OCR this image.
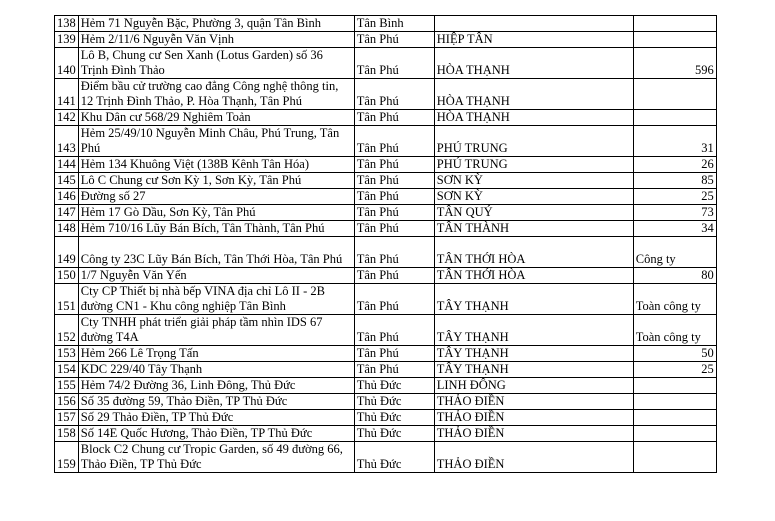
138	Hẻm 71 Nguyễn Bặc, Phường 3, quận Tân Bình	Tân Bình		
139	Hẻm 2/11/6 Nguyễn Văn Vịnh	Tân Phú	HIỆP TÂN	
140	Lô B, Chung cư Sen Xanh (Lotus Garden) số 36 Trịnh Đình Thảo	Tân Phú	HÒA THẠNH	596
141	Điểm bầu cử trường cao đẳng Công nghệ thông tin, 12 Trịnh Đình Thảo, P. Hòa Thạnh, Tân Phú	Tân Phú	HÒA THẠNH	
142	Khu Dân cư 568/29 Nghiêm Toản	Tân Phú	HÒA THẠNH	
143	Hẻm 25/49/10 Nguyễn Minh Châu, Phú Trung, Tân Phú	Tân Phú	PHÚ TRUNG	31
144	Hẻm 134 Khuông Việt (138B Kênh Tân Hóa)	Tân Phú	PHÚ TRUNG	26
145	Lô C Chung cư Sơn Kỳ 1, Sơn Kỳ, Tân Phú	Tân Phú	SƠN KỲ	85
146	Đường số 27	Tân Phú	SƠN KỲ	25
147	Hẻm 17 Gò Dầu, Sơn Kỳ, Tân Phú	Tân Phú	TÂN QUÝ	73
148	Hẻm 710/16 Lũy Bán Bích, Tân Thành, Tân Phú	Tân Phú	TÂN THÀNH	34
149	Công ty 23C Lũy Bán Bích, Tân Thới Hòa, Tân Phú	Tân Phú	TÂN THỚI HÒA	Công ty
150	1/7 Nguyễn Văn Yến	Tân Phú	TÂN THỚI HÒA	80
151	Cty CP Thiết bị nhà bếp VINA địa chỉ Lô II - 2B đường CN1 - Khu công nghiệp Tân Bình	Tân Phú	TÂY THẠNH	Toàn công ty
152	Cty TNHH phát triển giải pháp tầm nhìn IDS 67 đường T4A	Tân Phú	TÂY THẠNH	Toàn công ty
153	Hẻm 266 Lê Trọng Tấn	Tân Phú	TÂY THẠNH	50
154	KDC 229/40 Tây Thạnh	Tân Phú	TÂY THẠNH	25
155	Hẻm 74/2 Đường 36, Linh Đông, Thủ Đức	Thủ Đức	LINH ĐÔNG	
156	Số 35 đường 59, Thảo Điền, TP Thủ Đức	Thủ Đức	THẢO ĐIỀN	
157	Số 29 Thảo Điền, TP Thủ Đức	Thủ Đức	THẢO ĐIỀN	
158	Số 14E Quốc Hương, Thảo Điền, TP Thủ Đức	Thủ Đức	THẢO ĐIỀN	
159	Block C2 Chung cư Tropic Garden, số 49 đường 66, Thảo Điền, TP Thủ Đức	Thủ Đức	THẢO ĐIỀN	
